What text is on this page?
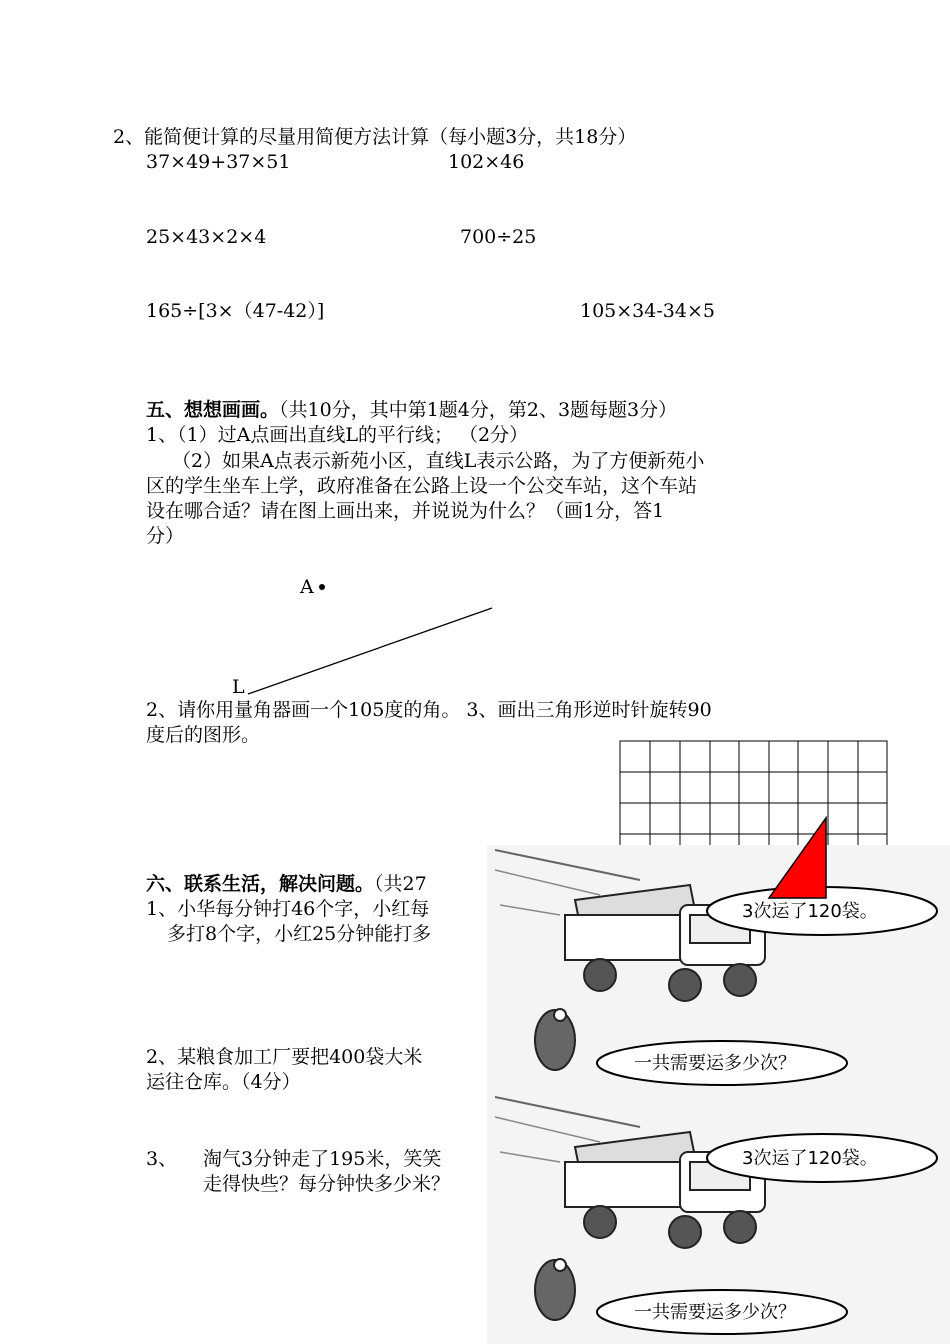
2、能简便计算的尽量用简便方法计算（每小题3分，共18分）
37×49+37×51	102×46
25×43×2×4	700÷25
165÷[3×（47-42）]	105×34-34×5
五、想想画画。（共10分，其中第1题4分，第2、3题每题3分）
1、（1）过A点画出直线L的平行线； （2分）
（2）如果A点表示新苑小区，直线L表示公路，为了方便新苑小
区的学生坐车上学，政府准备在公路上设一个公交车站，这个车站
设在哪合适？请在图上画出来，并说说为什么？（画1分，答1
分）
A
L
2、请你用量角器画一个105度的角。 3、画出三角形逆时针旋转90
度后的图形。
六、联系生活，解决问题。（共27
1、小华每分钟打46个字，小红每
多打8个字，小红25分钟能打多
2、某粮食加工厂要把400袋大米
运往仓库。（4分）
3、 淘气3分钟走了195米，笑笑
走得快些？每分钟快多少米？
3次运了120袋。
一共需要运多少次？
3次运了120袋。
一共需要运多少次？
